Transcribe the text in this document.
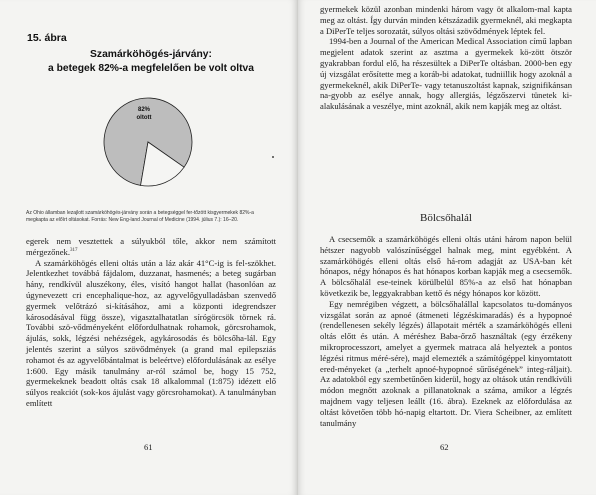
15. ábra
Szamárköhögés-járvány:
a betegek 82%-a megfelelően be volt oltva
82%
oltott
Az Ohio államban lezajlott szamárköhögés-járvány során a betegséggel fer-tőzött kisgyermekek 82%-a megkapta az előírt oltásokat. Forrás: New Eng-land Journal of Medicine (1994. július 7.): 16–20.

egerek nem vesztettek a súlyukból tőle, akkor nem számított mérgezőnek.$^{317}$

A szamárköhögés elleni oltás után a láz akár 41°C-ig is fel-szökhet. Jelentkezhet továbbá fájdalom, duzzanat, hasmenés; a beteg sugárban hány, rendkívül aluszékony, éles, visító hangot hallat (hasonlóan az úgynevezett cri encephalique-hoz, az agyvelőgyulladásban szenvedő gyermek velőtrázó si-kításához, ami a központi idegrendszer károsodásával függ össze), vigasztalhatatlan sírógörcsök törnek rá. További szö-vődményeként előfordulhatnak rohamok, görcsrohamok, ájulás, sokk, légzési nehézségek, agykárosodás és bölcsőha-lál. Egy jelentés szerint a súlyos szövődmények (a grand mal epilepsziás rohamot és az agyvelőbántalmat is beleértve) előfordulásának az esélye 1:600. Egy másik tanulmány ar-ról számol be, hogy 15 752, gyermekeknek beadott oltás csak 18 alkalommal (1:875) idézett elő súlyos reakciót (sok-kos ájulást vagy görcsrohamokat). A tanulmányban említett

61

gyermekek közül azonban mindenki három vagy öt alkalom-mal kapta meg az oltást. Így durván minden kétszázadik gyermeknél, aki megkapta a DiPerTe teljes sorozatát, súlyos oltási szövődmények léptek fel.

1994-ben a Journal of the American Medical Association című lapban megjelent adatok szerint az asztma a gyermekek kö-zött ötször gyakrabban fordul elő, ha részesültek a DiPerTe oltásban. 2000-ben egy új vizsgálat erősítette meg a koráb-bi adatokat, tudniillik hogy azoknál a gyermekeknél, akik DiPerTe- vagy tetanuszoltást kapnak, szignifikánsan na-gyobb az esélye annak, hogy allergiás, légzőszervi tünetek ki-alakulásának a veszélye, mint azoknál, akik nem kapják meg az oltást.

Bölcsőhalál

A csecsemők a szamárköhögés elleni oltás utáni három napon belül hétszer nagyobb valószínűséggel halnak meg, mint egyébként. A szamárköhögés elleni oltás első há-rom adagját az USA-ban két hónapos, négy hónapos és hat hónapos korban kapják meg a csecsemők. A bölcsőhalál ese-teinek körülbelül 85%-a az első hat hónapban következik be, leggyakrabban kettő és négy hónapos kor között.

Egy nemrégiben végzett, a bölcsőhalállal kapcsolatos tu-dományos vizsgálat során az apnoé (átmeneti légzéskimaradás) és a hypopnoé (rendellenesen sekély légzés) állapotait mérték a szamárköhögés elleni oltás előtt és után. A méréshez Baba-őrző használtak (egy érzékeny mikroprocesszort, amelyet a gyermek matraca alá helyeztek a pontos légzési ritmus méré-sére), majd elemezték a számítógéppel kinyomtatott ered-ményeket (a „terhelt apnoé-hypopnoé sűrűségének” integ-ráljait). Az adatokból egy szembetűnően kiderül, hogy az oltások után rendkívüli módon megnőtt azoknak a pillanatoknak a száma, amikor a légzés majdnem vagy teljesen leállt (16. ábra). Ezeknek az előfordulása az oltást követően több hó-napig eltartott. Dr. Viera Scheibner, az említett tanulmány

62
